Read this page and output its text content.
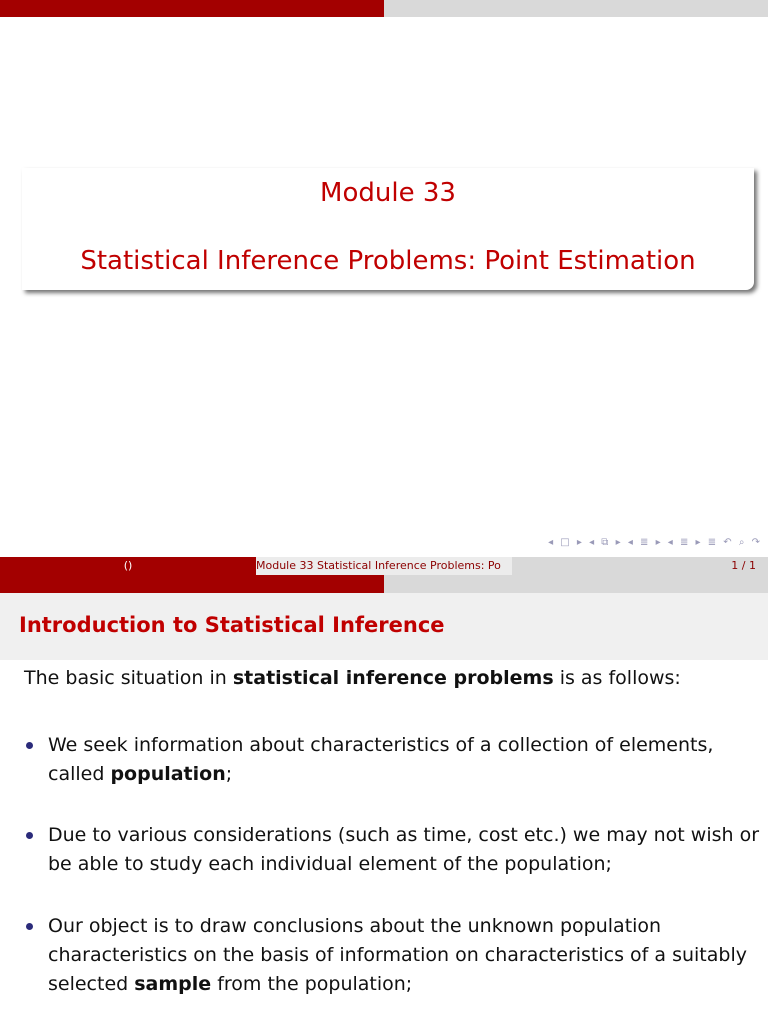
Module 33
Statistical Inference Problems: Point Estimation
◂ □ ▸ ◂ ⧉ ▸ ◂ ≣ ▸ ◂ ≣ ▸ ≣ ↶ ⌕ ↷
()	Module 33 Statistical Inference Problems: Po	1 / 1
Introduction to Statistical Inference
The basic situation in statistical inference problems is as follows:
We seek information about characteristics of a collection of elements, called population;
Due to various considerations (such as time, cost etc.) we may not wish or be able to study each individual element of the population;
Our object is to draw conclusions about the unknown population characteristics on the basis of information on characteristics of a suitably selected sample from the population;
